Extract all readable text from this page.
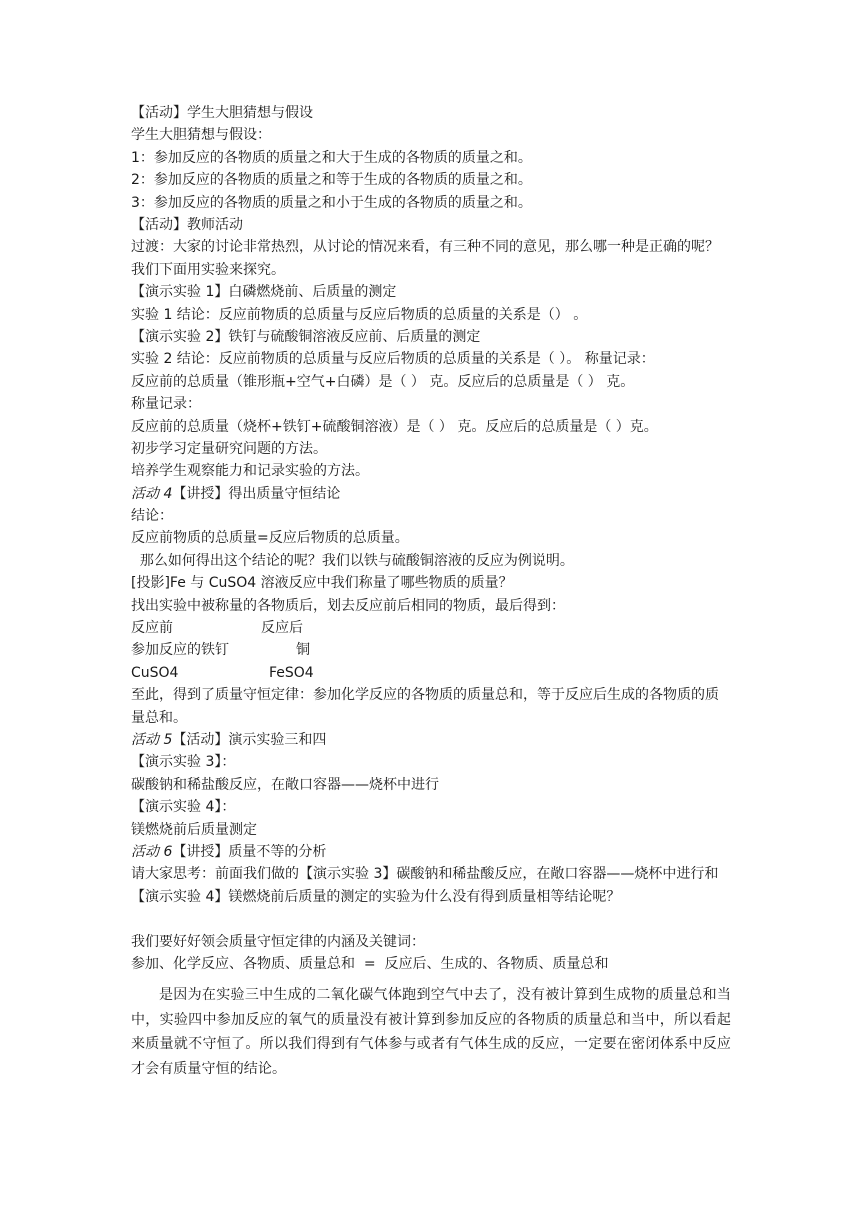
【活动】学生大胆猜想与假设
学生大胆猜想与假设：
1：参加反应的各物质的质量之和大于生成的各物质的质量之和。
2：参加反应的各物质的质量之和等于生成的各物质的质量之和。
3：参加反应的各物质的质量之和小于生成的各物质的质量之和。
【活动】教师活动
过渡：大家的讨论非常热烈，从讨论的情况来看，有三种不同的意见，那么哪一种是正确的呢？我们下面用实验来探究。
【演示实验 1】白磷燃烧前、后质量的测定
实验 1 结论：反应前物质的总质量与反应后物质的总质量的关系是（） 。
【演示实验 2】铁钉与硫酸铜溶液反应前、后质量的测定
实验 2 结论：反应前物质的总质量与反应后物质的总质量的关系是（ ）。 称量记录：
反应前的总质量（锥形瓶+空气+白磷）是（ ） 克。反应后的总质量是（ ） 克。
称量记录：
反应前的总质量（烧杯+铁钉+硫酸铜溶液）是（ ） 克。反应后的总质量是（ ）克。
初步学习定量研究问题的方法。
培养学生观察能力和记录实验的方法。
活动 4【讲授】得出质量守恒结论
结论：
反应前物质的总质量=反应后物质的总质量。
那么如何得出这个结论的呢？我们以铁与硫酸铜溶液的反应为例说明。
[投影]Fe 与 CuSO4 溶液反应中我们称量了哪些物质的质量？
找出实验中被称量的各物质后，划去反应前后相同的物质，最后得到：
反应前	反应后
参加反应的铁钉	铜
CuSO4	FeSO4
至此，得到了质量守恒定律：参加化学反应的各物质的质量总和，等于反应后生成的各物质的质量总和。
活动 5【活动】演示实验三和四
【演示实验 3】：
碳酸钠和稀盐酸反应，在敞口容器——烧杯中进行
【演示实验 4】：
镁燃烧前后质量测定
活动 6【讲授】质量不等的分析
请大家思考：前面我们做的【演示实验 3】碳酸钠和稀盐酸反应，在敞口容器——烧杯中进行和【演示实验 4】镁燃烧前后质量的测定的实验为什么没有得到质量相等结论呢？
我们要好好领会质量守恒定律的内涵及关键词：
参加、化学反应、各物质、质量总和  =  反应后、生成的、各物质、质量总和
是因为在实验三中生成的二氧化碳气体跑到空气中去了，没有被计算到生成物的质量总和当中，实验四中参加反应的氧气的质量没有被计算到参加反应的各物质的质量总和当中，所以看起来质量就不守恒了。所以我们得到有气体参与或者有气体生成的反应，一定要在密闭体系中反应才会有质量守恒的结论。
